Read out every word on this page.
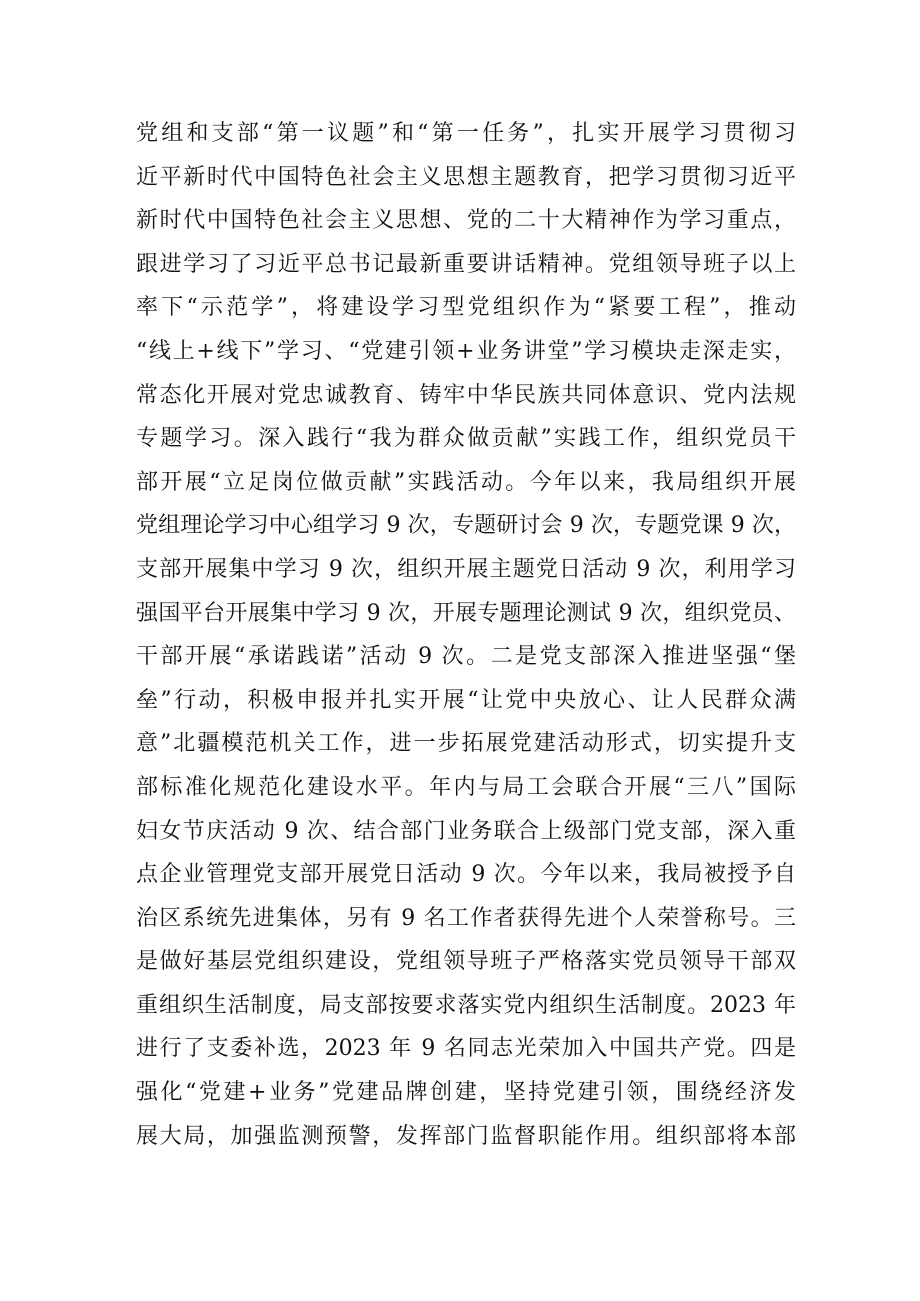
党组和支部“第一议题”和“第一任务”，扎实开展学习贯彻习
近平新时代中国特色社会主义思想主题教育，把学习贯彻习近平
新时代中国特色社会主义思想、党的二十大精神作为学习重点，
跟进学习了习近平总书记最新重要讲话精神。党组领导班子以上
率下“示范学”，将建设学习型党组织作为“紧要工程”，推动
“线上+线下”学习、“党建引领+业务讲堂”学习模块走深走实，
常态化开展对党忠诚教育、铸牢中华民族共同体意识、党内法规
专题学习。深入践行“我为群众做贡献”实践工作，组织党员干
部开展“立足岗位做贡献”实践活动。今年以来，我局组织开展
党组理论学习中心组学习 9 次，专题研讨会 9 次，专题党课 9 次，
支部开展集中学习 9 次，组织开展主题党日活动 9 次，利用学习
强国平台开展集中学习 9 次，开展专题理论测试 9 次，组织党员、
干部开展“承诺践诺”活动 9 次。二是党支部深入推进坚强“堡
垒”行动，积极申报并扎实开展“让党中央放心、让人民群众满
意”北疆模范机关工作，进一步拓展党建活动形式，切实提升支
部标准化规范化建设水平。年内与局工会联合开展“三八”国际
妇女节庆活动 9 次、结合部门业务联合上级部门党支部，深入重
点企业管理党支部开展党日活动 9 次。今年以来，我局被授予自
治区系统先进集体，另有 9 名工作者获得先进个人荣誉称号。三
是做好基层党组织建设，党组领导班子严格落实党员领导干部双
重组织生活制度，局支部按要求落实党内组织生活制度。2023 年
进行了支委补选，2023 年 9 名同志光荣加入中国共产党。四是
强化“党建+业务”党建品牌创建，坚持党建引领，围绕经济发
展大局，加强监测预警，发挥部门监督职能作用。组织部将本部
